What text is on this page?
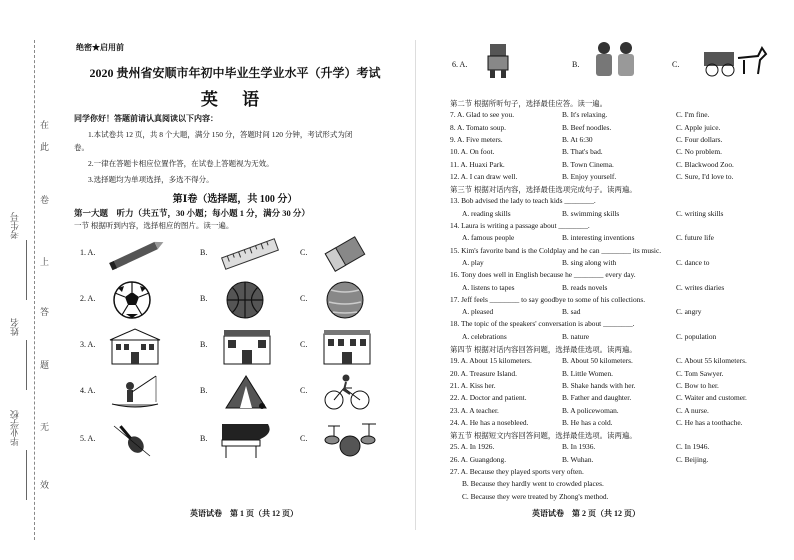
在
此
卷
上
答
题
无
效
考生号
姓名
毕业学校
绝密★启用前
2020 贵州省安顺市年初中毕业生学业水平（升学）考试
英 语
同学你好！答题前请认真阅读以下内容：
1.本试卷共 12 页，共 8 个大题，满分 150 分，答题时间 120 分钟，考试形式为闭
卷。
2.一律在答题卡相应位置作答，在试卷上答题视为无效。
3.选择题均为单项选择，多选不得分。
第Ⅰ卷（选择题，共 100 分）
第一大题　听力（共五节，30 小题；每小题 1 分，满分 30 分）
一节 根据听到内容，选择相应的图片。读一遍。
1. A.	B.	C.
2. A.	B.	C.
3. A.	B.	C.
4. A.	B.	C.
5. A.	B.	C.
英语试卷　第 1 页（共 12 页）
6. A.	B.	C.
第二节 根据所听句子，选择最佳应答。读一遍。
7. A. Glad to see you.	B. It's relaxing.	C. I'm fine.
8. A. Tomato soup.	B. Beef noodles.	C. Apple juice.
9. A. Five meters.	B. At 6:30	C. Four dollars.
10. A. On foot.	B. That's bad.	C. No problem.
11. A. Huaxi Park.	B. Town Cinema.	C. Blackwood Zoo.
12. A. I can draw well.	B. Enjoy yourself.	C. Sure, I'd love to.
第三节 根据对话内容，选择最佳选项完成句子。读两遍。
13. Bob advised the lady to teach kids ________.
A. reading skills	B. swimming skills	C. writing skills
14. Laura is writing a passage about ________.
A. famous people	B. interesting inventions	C. future life
15. Kim's favorite band is the Coldplay and he can ________ its music.
A. play	B. sing along with	C. dance to
16. Tony does well in English because he ________ every day.
A. listens to tapes	B. reads novels	C. writes diaries
17. Jeff feels ________ to say goodbye to some of his collections.
A. pleased	B. sad	C. angry
18. The topic of the speakers' conversation is about ________.
A. celebrations	B. nature	C. population
第四节 根据对话内容回答问题，选择最佳选项。读两遍。
19. A. About 15 kilometers.	B. About 50 kilometers.	C. About 55 kilometers.
20. A. Treasure Island.	B. Little Women.	C. Tom Sawyer.
21. A. Kiss her.	B. Shake hands with her.	C. Bow to her.
22. A. Doctor and patient.	B. Father and daughter.	C. Waiter and customer.
23. A. A teacher.	B. A policewoman.	C. A nurse.
24. A. He has a nosebleed.	B. He has a cold.	C. He has a toothache.
第五节 根据短文内容回答问题，选择最佳选项。读两遍。
25. A. In 1926.	B. In 1936.	C. In 1946.
26. A. Guangdong.	B. Wuhan.	C. Beijing.
27. A. Because they played sports very often.
B. Because they hardly went to crowded places.
C. Because they were treated by Zhong's method.
英语试卷　第 2 页（共 12 页）
